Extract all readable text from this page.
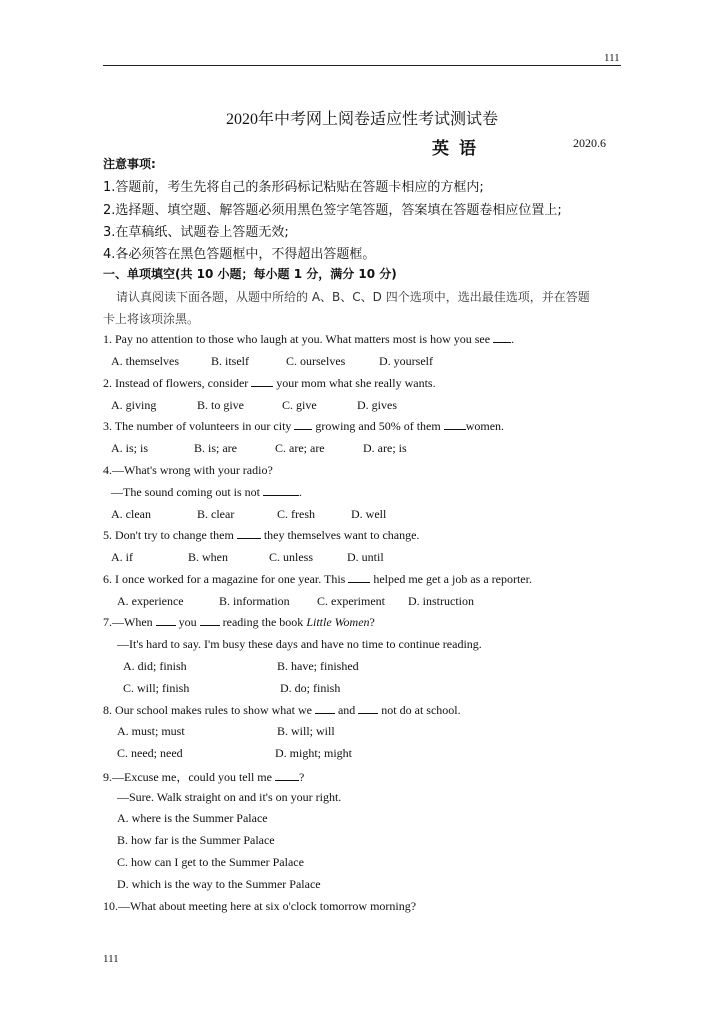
111
2020年中考网上阅卷适应性考试测试卷
英语	2020.6
注意事项:
1.答题前，考生先将自己的条形码标记粘贴在答题卡相应的方框内;
2.选择题、填空题、解答题必须用黑色签字笔答题，答案填在答题卷相应位置上;
3.在草稿纸、试题卷上答题无效;
4.各必须答在黑色答题框中，不得超出答题框。
一、单项填空(共 10 小题；每小题 1 分，满分 10 分)
请认真阅读下面各题，从题中所给的 A、B、C、D 四个选项中，选出最佳选项，并在答题
卡上将该项涂黑。
1. Pay no attention to those who laugh at you. What matters most is how you see .
A. themselves	B. itself	C. ourselves	D. yourself
2. Instead of flowers, consider your mom what she really wants.
A. giving	B. to give	C. give	D. gives
3. The number of volunteers in our city growing and 50% of them women.
A. is; is	B. is; are	C. are; are	D. are; is
4.—What's wrong with your radio?
—The sound coming out is not	.
A. clean	B. clear	C. fresh	D. well
5. Don't try to change them	they themselves want to change.
A. if	B. when	C. unless	D. until
6. I once worked for a magazine for one year. This helped me get a job as a reporter.
A. experience	B. information C. experiment D. instruction
7.—When you reading the book Little Women?
—It's hard to say. I'm busy these days and have no time to continue reading.
A. did; finish	B. have; finished
C. will; finish	D. do; finish
8. Our school makes rules to show what we and not do at school.
A. must; must	B. will; will
C. need; need	D. might; might
9.—Excuse me，could you tell me ?
—Sure. Walk straight on and it's on your right.
A. where is the Summer Palace
B. how far is the Summer Palace
C. how can I get to the Summer Palace
D. which is the way to the Summer Palace
10.—What about meeting here at six o'clock tomorrow morning?
111
